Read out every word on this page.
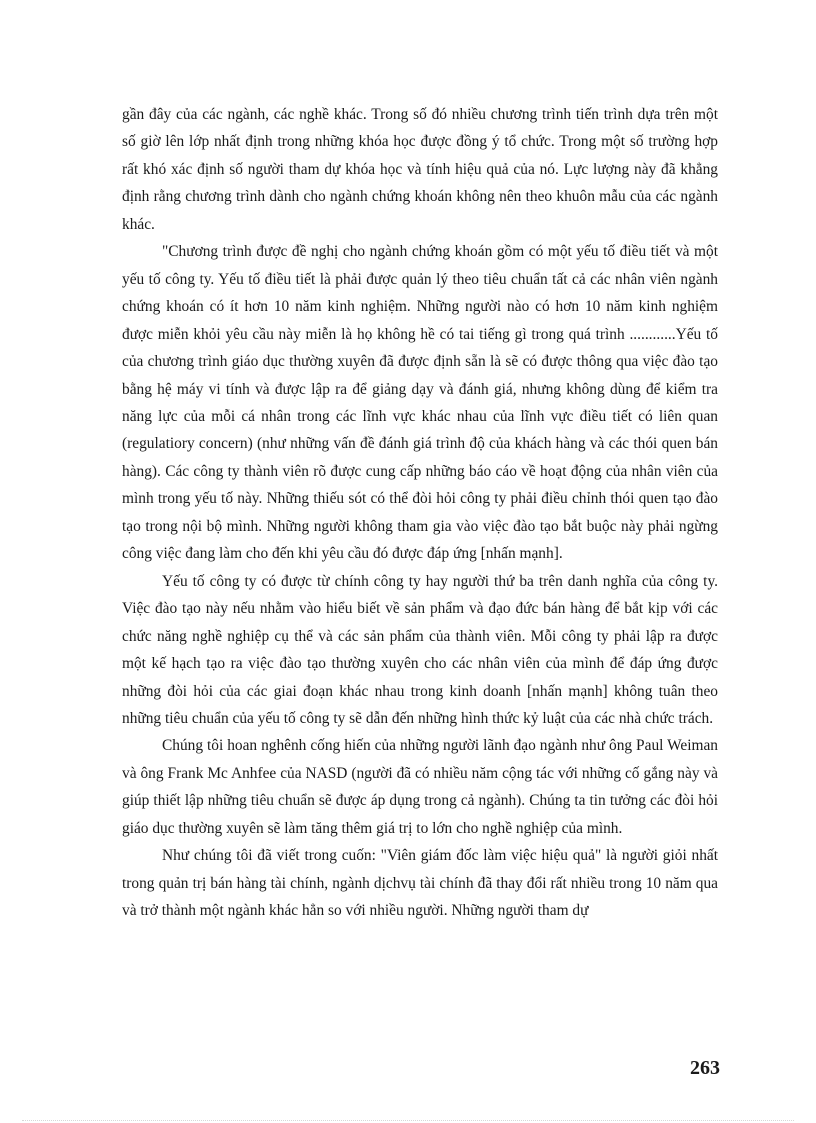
gần đây của các ngành, các nghề khác. Trong số đó nhiều chương trình tiến trình dựa trên một số giờ lên lớp nhất định trong những khóa học được đồng ý tổ chức. Trong một số trường hợp rất khó xác định số người tham dự khóa học và tính hiệu quả của nó. Lực lượng này đã khẳng định rằng chương trình dành cho ngành chứng khoán không nên theo khuôn mẫu của các ngành khác.

"Chương trình được đề nghị cho ngành chứng khoán gồm có một yếu tố điều tiết và một yếu tố công ty. Yếu tố điều tiết là phải được quản lý theo tiêu chuẩn tất cả các nhân viên ngành chứng khoán có ít hơn 10 năm kinh nghiệm. Những người nào có hơn 10 năm kinh nghiệm được miễn khỏi yêu cầu này miễn là họ không hề có tai tiếng gì trong quá trình ............Yếu tố của chương trình giáo dục thường xuyên đã được định sẵn là sẽ có được thông qua việc đào tạo bằng hệ máy vi tính và được lập ra để giảng dạy và đánh giá, nhưng không dùng để kiểm tra năng lực của mỗi cá nhân trong các lĩnh vực khác nhau của lĩnh vực điều tiết có liên quan (regulatiory concern) (như những vấn đề đánh giá trình độ của khách hàng và các thói quen bán hàng). Các công ty thành viên rõ được cung cấp những báo cáo về hoạt động của nhân viên của mình trong yếu tố này. Những thiếu sót có thể đòi hỏi công ty phải điều chỉnh thói quen tạo đào tạo trong nội bộ mình. Những người không tham gia vào việc đào tạo bắt buộc này phải ngừng công việc đang làm cho đến khi yêu cầu đó được đáp ứng [nhấn mạnh].

Yếu tố công ty có được từ chính công ty hay người thứ ba trên danh nghĩa của công ty. Việc đào tạo này nếu nhằm vào hiểu biết về sản phẩm và đạo đức bán hàng để bắt kịp với các chức năng nghề nghiệp cụ thể và các sản phẩm của thành viên. Mỗi công ty phải lập ra được một kế hạch tạo ra việc đào tạo thường xuyên cho các nhân viên của mình để đáp ứng được những đòi hỏi của các giai đoạn khác nhau trong kinh doanh [nhấn mạnh] không tuân theo những tiêu chuẩn của yếu tố công ty sẽ dẫn đến những hình thức kỷ luật của các nhà chức trách.

Chúng tôi hoan nghênh cống hiến của những người lãnh đạo ngành như ông Paul Weiman và ông Frank Mc Anhfee của NASD (người đã có nhiều năm cộng tác với những cố gắng này và giúp thiết lập những tiêu chuẩn sẽ được áp dụng trong cả ngành). Chúng ta tin tưởng các đòi hỏi giáo dục thường xuyên sẽ làm tăng thêm giá trị to lớn cho nghề nghiệp của mình.

Như chúng tôi đã viết trong cuốn: "Viên giám đốc làm việc hiệu quả" là người giỏi nhất trong quản trị bán hàng tài chính, ngành dịchvụ tài chính đã thay đổi rất nhiều trong 10 năm qua và trở thành một ngành khác hẳn so với nhiều người. Những người tham dự

263
